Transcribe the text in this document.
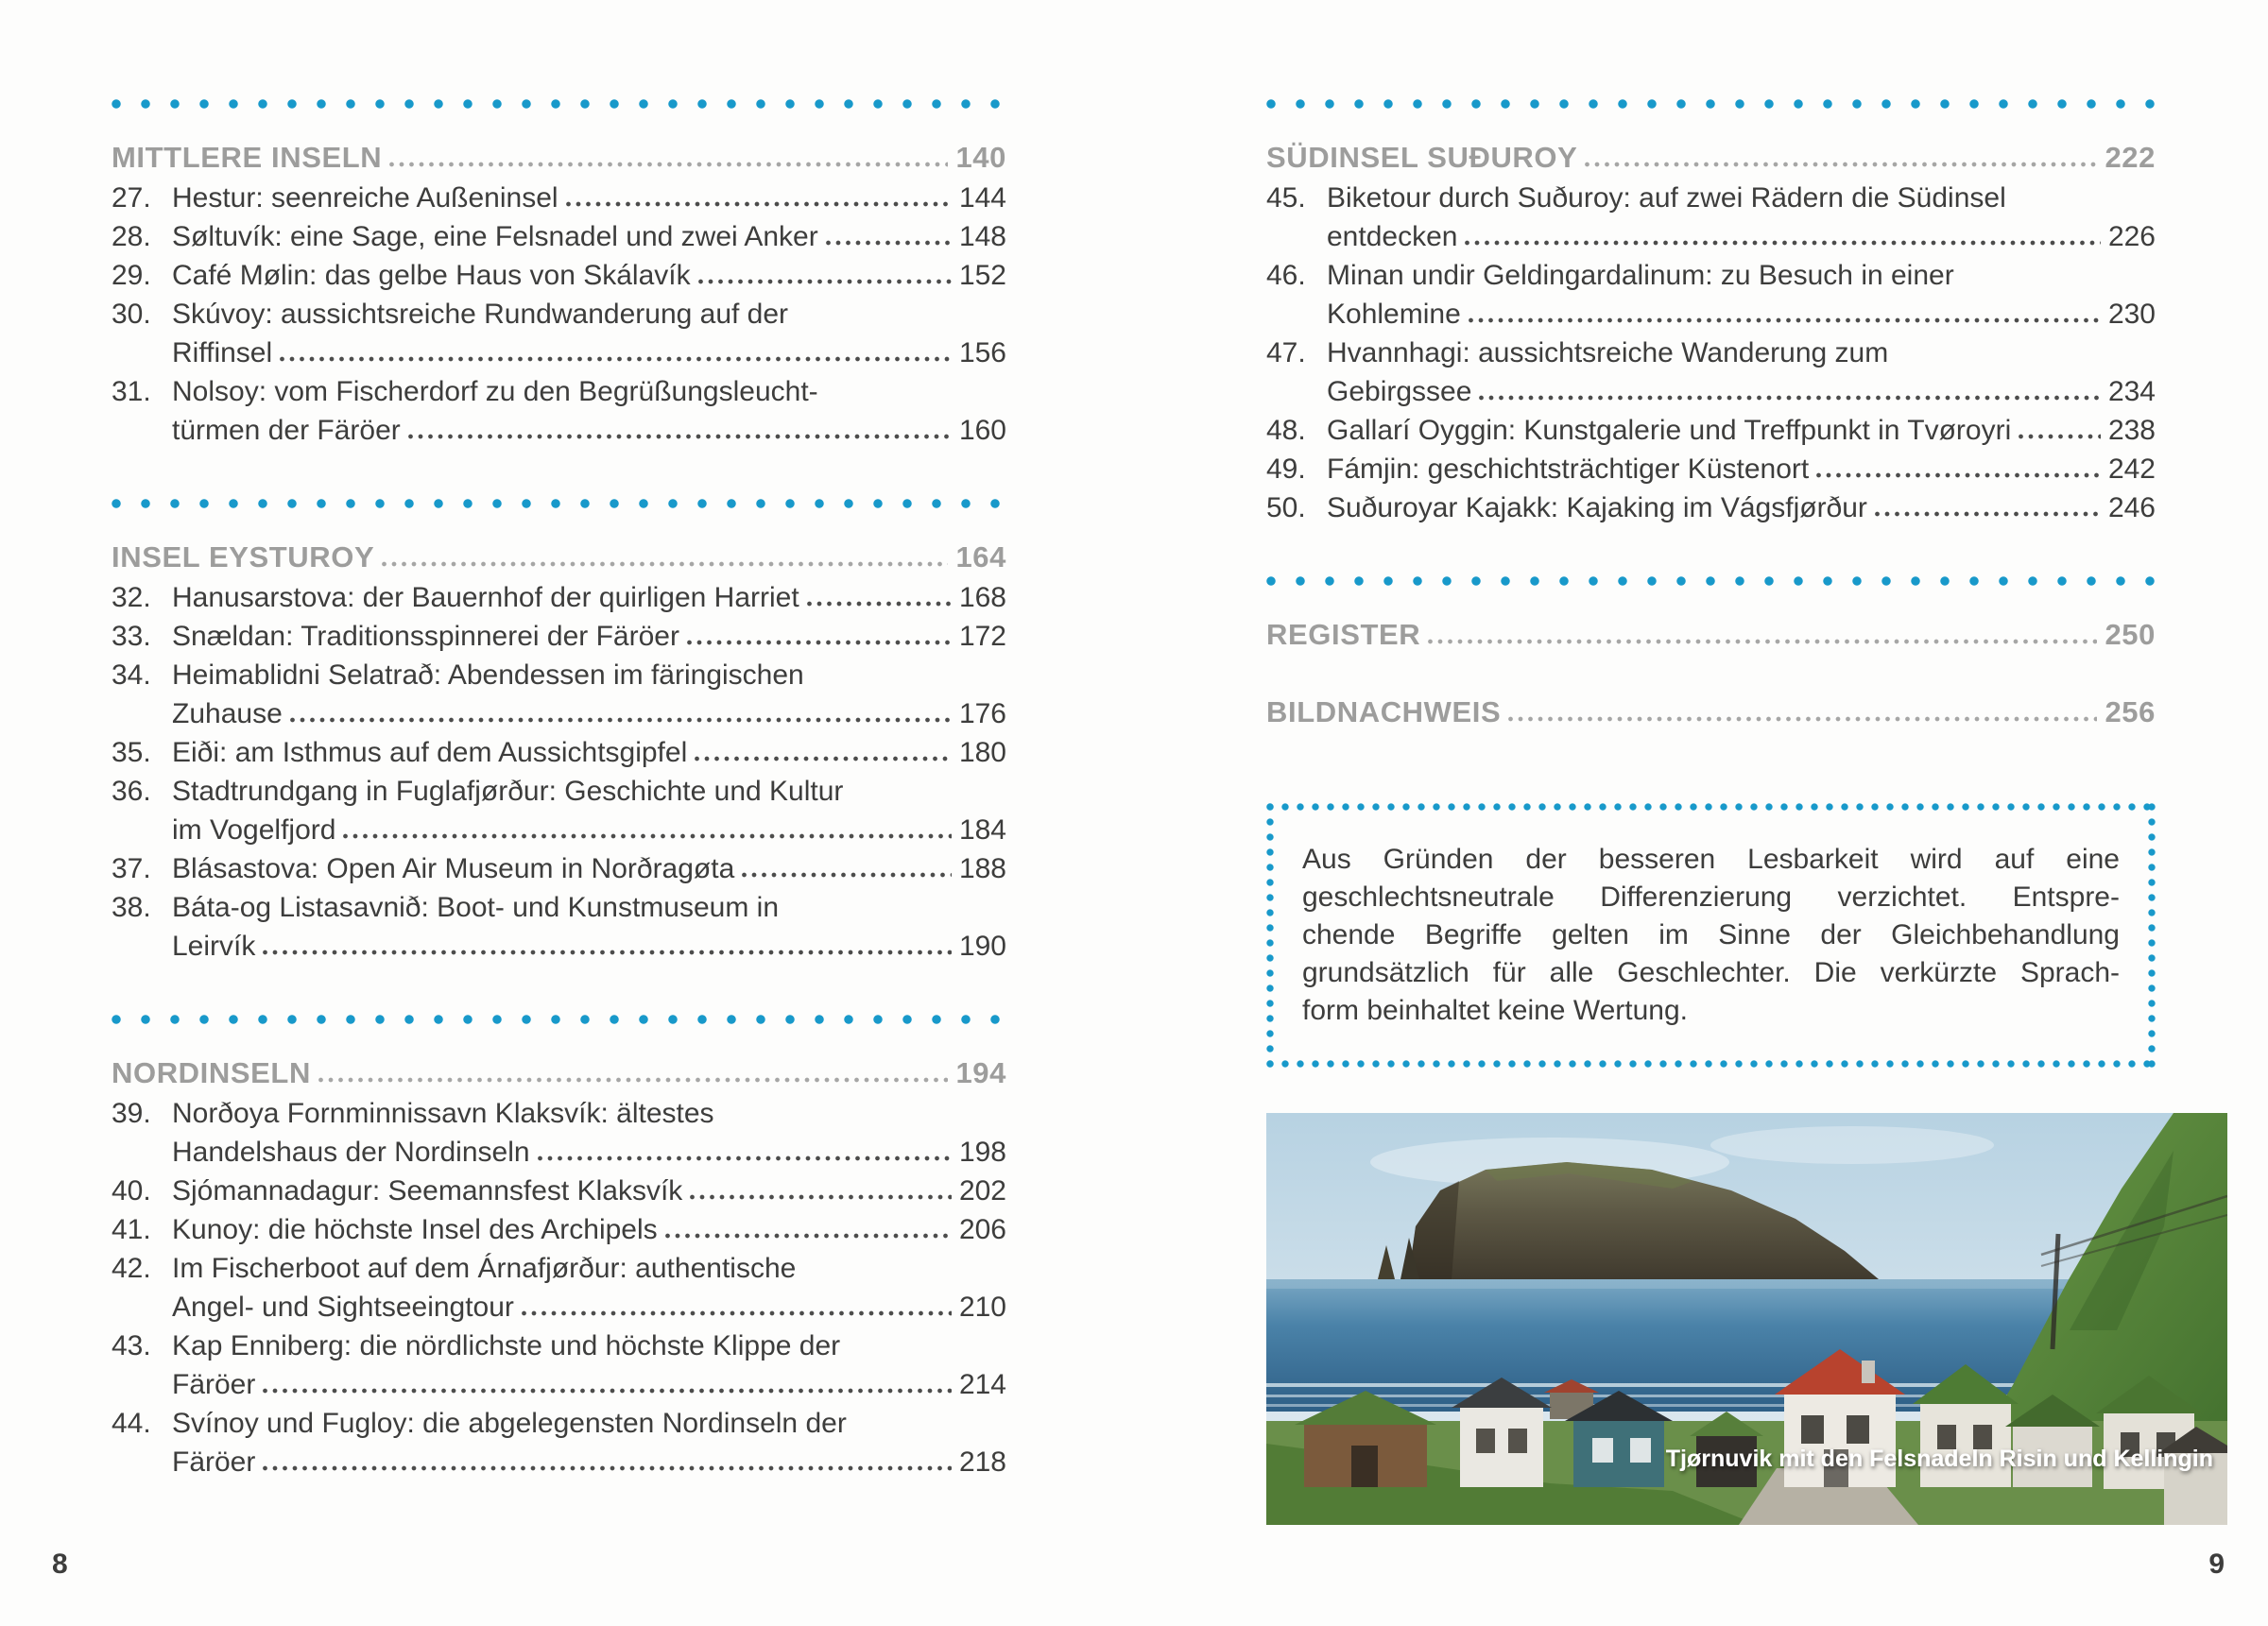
MITTLERE INSELN	140
27. Hestur: seenreiche Außeninsel	144
28. Søltuvík: eine Sage, eine Felsnadel und zwei Anker	148
29. Café Mølin: das gelbe Haus von Skálavík	152
30. Skúvoy: aussichtsreiche Rundwanderung auf der
Riffinsel	156
31. Nolsoy: vom Fischerdorf zu den Begrüßungsleucht-
türmen der Färöer	160
INSEL EYSTUROY	164
32. Hanusarstova: der Bauernhof der quirligen Harriet	168
33. Snældan: Traditionsspinnerei der Färöer	172
34. Heimablidni Selatrað: Abendessen im färingischen
Zuhause	176
35. Eiði: am Isthmus auf dem Aussichtsgipfel	180
36. Stadtrundgang in Fuglafjørður: Geschichte und Kultur
im Vogelfjord	184
37. Blásastova: Open Air Museum in Norðragøta	188
38. Báta-og Listasavnið: Boot- und Kunstmuseum in
Leirvík	190
NORDINSELN	194
39. Norðoya Fornminnissavn Klaksvík: ältestes
Handelshaus der Nordinseln	198
40. Sjómannadagur: Seemannsfest Klaksvík	202
41. Kunoy: die höchste Insel des Archipels	206
42. Im Fischerboot auf dem Árnafjørður: authentische
Angel- und Sightseeingtour	210
43. Kap Enniberg: die nördlichste und höchste Klippe der
Färöer	214
44. Svínoy und Fugloy: die abgelegensten Nordinseln der
Färöer	218
SÜDINSEL SUÐUROY	222
45. Biketour durch Suðuroy: auf zwei Rädern die Südinsel
entdecken	226
46. Minan undir Geldingardalinum: zu Besuch in einer
Kohlemine	230
47. Hvannhagi: aussichtsreiche Wanderung zum
Gebirgssee	234
48. Gallarí Oyggin: Kunstgalerie und Treffpunkt in Tvøroyri	238
49. Fámjin: geschichtsträchtiger Küstenort	242
50. Suðuroyar Kajakk: Kajaking im Vágsfjørður	246
REGISTER	250
BILDNACHWEIS	256
Aus Gründen der besseren Lesbarkeit wird auf eine
geschlechtsneutrale Differenzierung verzichtet. Entspre-
chende Begriffe gelten im Sinne der Gleichbehandlung
grundsätzlich für alle Geschlechter. Die verkürzte Sprach-
form beinhaltet keine Wertung.
Tjørnuvik mit den Felsnadeln Risin und Kellingin
8	9
